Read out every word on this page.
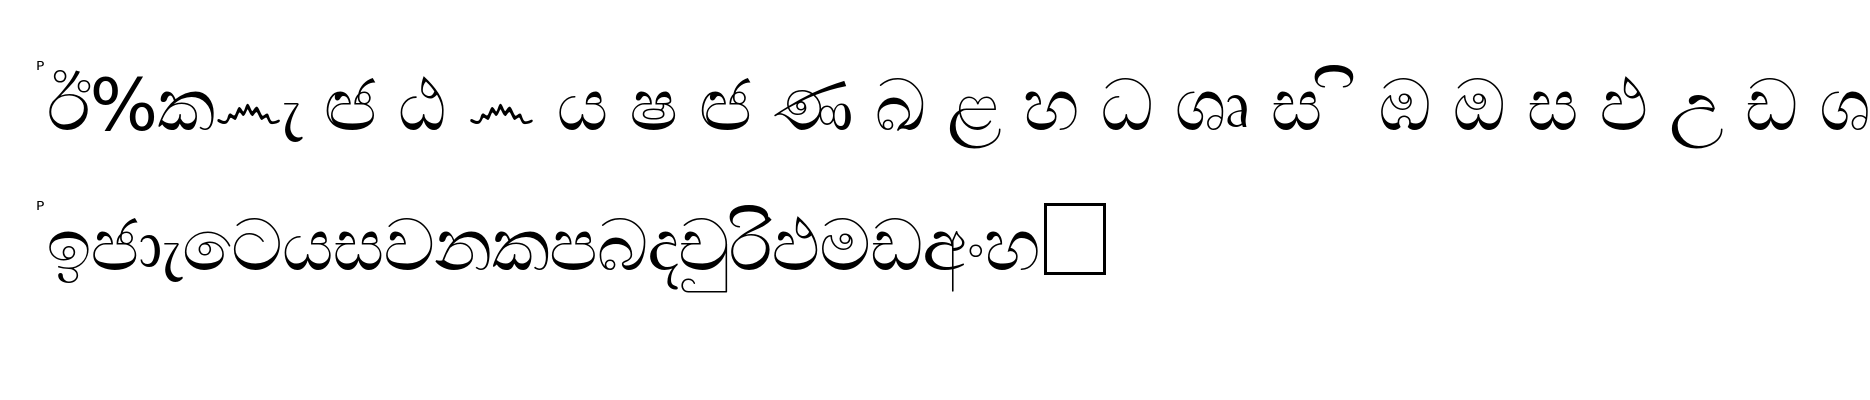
ᴾ ඊ%ක෴ැ ඦ ඨ ෴ ය ෂ ඦ ණ ඛ ළ හ ධ ශ්‍රු ස ි ඹ ඔ ස ඵ උ ඩ ශ
ᴾ ඉජාැටෙයසවනකපබදචුරිඵමඩඅංහ
